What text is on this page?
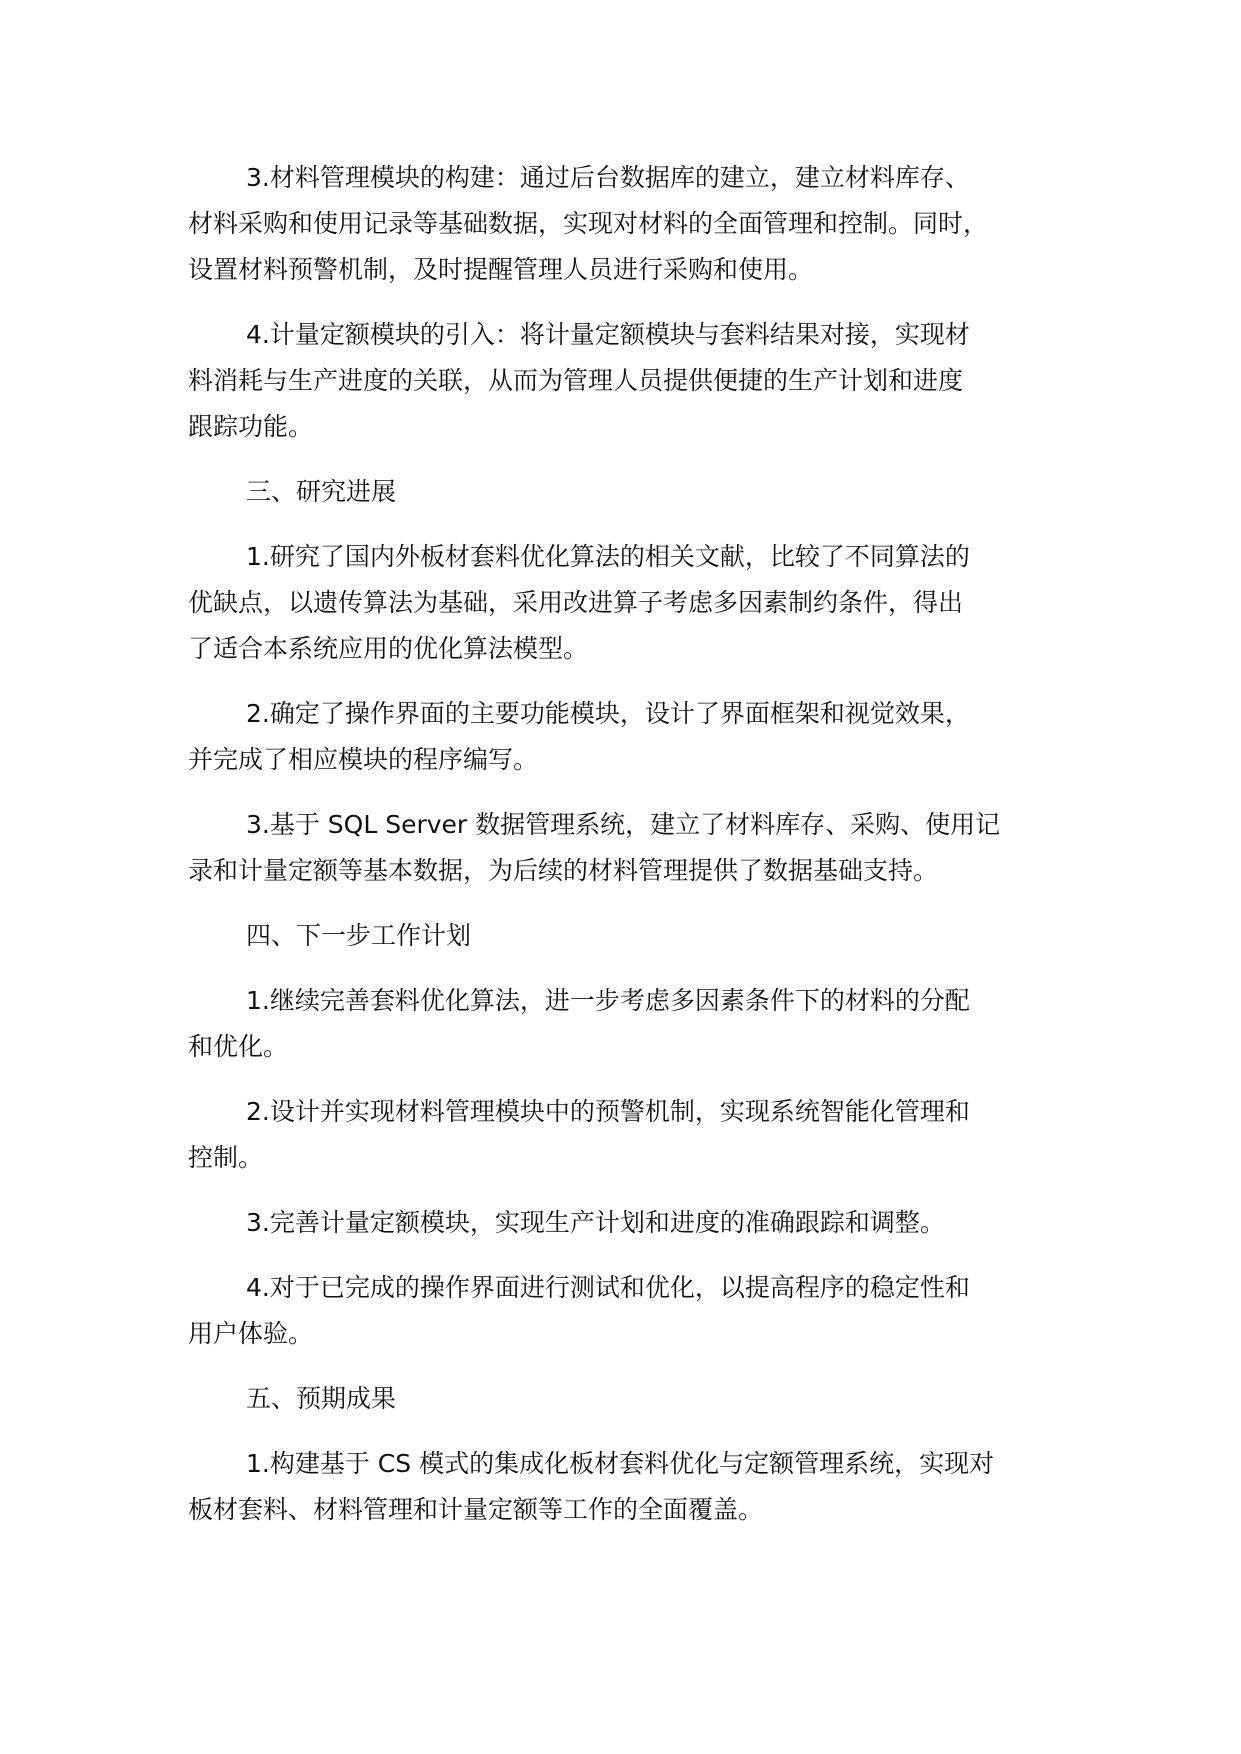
3.材料管理模块的构建：通过后台数据库的建立，建立材料库存、
材料采购和使用记录等基础数据，实现对材料的全面管理和控制。同时，
设置材料预警机制，及时提醒管理人员进行采购和使用。

4.计量定额模块的引入：将计量定额模块与套料结果对接，实现材
料消耗与生产进度的关联，从而为管理人员提供便捷的生产计划和进度
跟踪功能。

三、研究进展

1.研究了国内外板材套料优化算法的相关文献，比较了不同算法的
优缺点，以遗传算法为基础，采用改进算子考虑多因素制约条件，得出
了适合本系统应用的优化算法模型。

2.确定了操作界面的主要功能模块，设计了界面框架和视觉效果，
并完成了相应模块的程序编写。

3.基于 SQL Server 数据管理系统，建立了材料库存、采购、使用记
录和计量定额等基本数据，为后续的材料管理提供了数据基础支持。

四、下一步工作计划

1.继续完善套料优化算法，进一步考虑多因素条件下的材料的分配
和优化。

2.设计并实现材料管理模块中的预警机制，实现系统智能化管理和
控制。

3.完善计量定额模块，实现生产计划和进度的准确跟踪和调整。

4.对于已完成的操作界面进行测试和优化，以提高程序的稳定性和
用户体验。

五、预期成果

1.构建基于 CS 模式的集成化板材套料优化与定额管理系统，实现对
板材套料、材料管理和计量定额等工作的全面覆盖。
